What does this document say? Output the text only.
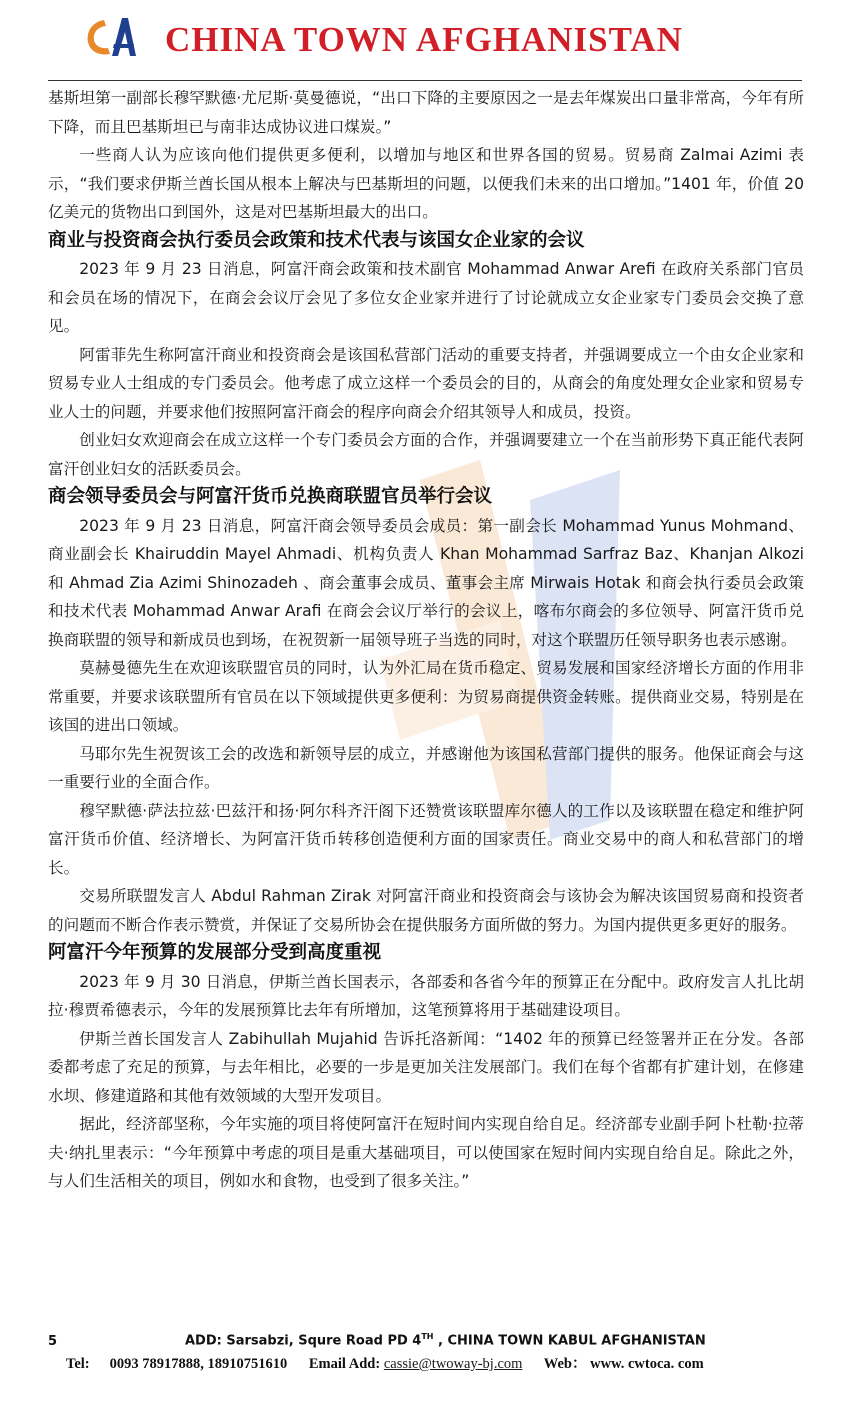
CHINA TOWN AFGHANISTAN

基斯坦第一副部长穆罕默德·尤尼斯·莫曼德说，“出口下降的主要原因之一是去年煤炭出口量非常高，今年有所下降，而且巴基斯坦已与南非达成协议进口煤炭。”

一些商人认为应该向他们提供更多便利，以增加与地区和世界各国的贸易。贸易商 Zalmai Azimi 表示，“我们要求伊斯兰酋长国从根本上解决与巴基斯坦的问题，以便我们未来的出口增加。”1401 年，价值 20 亿美元的货物出口到国外，这是对巴基斯坦最大的出口。

商业与投资商会执行委员会政策和技术代表与该国女企业家的会议

2023 年 9 月 23 日消息，阿富汗商会政策和技术副官 Mohammad Anwar Arefi 在政府关系部门官员和会员在场的情况下，在商会会议厅会见了多位女企业家并进行了讨论就成立女企业家专门委员会交换了意见。

阿雷菲先生称阿富汗商业和投资商会是该国私营部门活动的重要支持者，并强调要成立一个由女企业家和贸易专业人士组成的专门委员会。他考虑了成立这样一个委员会的目的，从商会的角度处理女企业家和贸易专业人士的问题，并要求他们按照阿富汗商会的程序向商会介绍其领导人和成员，投资。

创业妇女欢迎商会在成立这样一个专门委员会方面的合作，并强调要建立一个在当前形势下真正能代表阿富汗创业妇女的活跃委员会。

商会领导委员会与阿富汗货币兑换商联盟官员举行会议

2023 年 9 月 23 日消息，阿富汗商会领导委员会成员：第一副会长 Mohammad Yunus Mohmand、商业副会长 Khairuddin Mayel Ahmadi、机构负责人 Khan Mohammad Sarfraz Baz、Khanjan Alkozi 和 Ahmad Zia Azimi Shinozadeh 、商会董事会成员、董事会主席 Mirwais Hotak 和商会执行委员会政策和技术代表 Mohammad Anwar Arafi 在商会会议厅举行的会议上，喀布尔商会的多位领导、阿富汗货币兑换商联盟的领导和新成员也到场，在祝贺新一届领导班子当选的同时，对这个联盟历任领导职务也表示感谢。

莫赫曼德先生在欢迎该联盟官员的同时，认为外汇局在货币稳定、贸易发展和国家经济增长方面的作用非常重要，并要求该联盟所有官员在以下领域提供更多便利：为贸易商提供资金转账。提供商业交易，特别是在该国的进出口领域。

马耶尔先生祝贺该工会的改选和新领导层的成立，并感谢他为该国私营部门提供的服务。他保证商会与这一重要行业的全面合作。

穆罕默德·萨法拉兹·巴兹汗和扬·阿尔科齐汗阁下还赞赏该联盟库尔德人的工作以及该联盟在稳定和维护阿富汗货币价值、经济增长、为阿富汗货币转移创造便利方面的国家责任。商业交易中的商人和私营部门的增长。

交易所联盟发言人 Abdul Rahman Zirak 对阿富汗商业和投资商会与该协会为解决该国贸易商和投资者的问题而不断合作表示赞赏，并保证了交易所协会在提供服务方面所做的努力。为国内提供更多更好的服务。

阿富汗今年预算的发展部分受到高度重视

2023 年 9 月 30 日消息，伊斯兰酋长国表示，各部委和各省今年的预算正在分配中。政府发言人扎比胡拉·穆贾希德表示，今年的发展预算比去年有所增加，这笔预算将用于基础建设项目。

伊斯兰酋长国发言人 Zabihullah Mujahid 告诉托洛新闻：“1402 年的预算已经签署并正在分发。各部委都考虑了充足的预算，与去年相比，必要的一步是更加关注发展部门。我们在每个省都有扩建计划，在修建水坝、修建道路和其他有效领域的大型开发项目。

据此，经济部坚称，今年实施的项目将使阿富汗在短时间内实现自给自足。经济部专业副手阿卜杜勒·拉蒂夫·纳扎里表示：“今年预算中考虑的项目是重大基础项目，可以使国家在短时间内实现自给自足。除此之外，与人们生活相关的项目，例如水和食物，也受到了很多关注。”

5	ADD: Sarsabzi, Squre Road PD 4TH , CHINA TOWN KABUL AFGHANISTAN
Tel: 0093 78917888, 18910751610 Email Add: cassie@twoway-bj.com Web： www. cwtoca. com
